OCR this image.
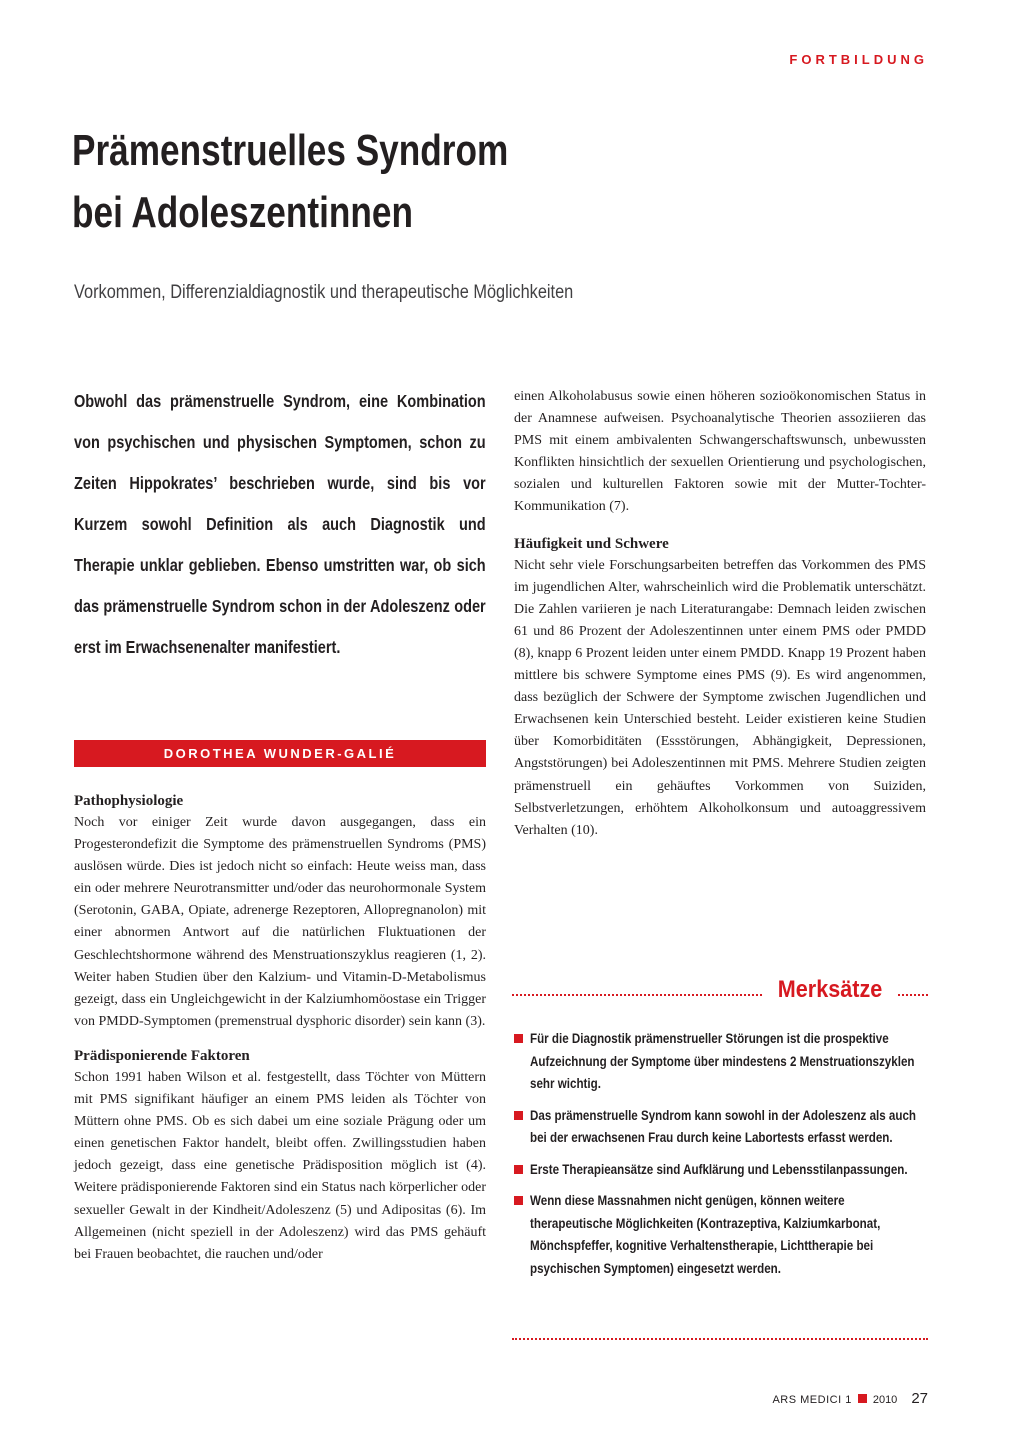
FORTBILDUNG
Prämenstruelles Syndrom
bei Adoleszentinnen

Vorkommen, Differenzialdiagnostik und therapeutische Möglichkeiten

Obwohl das prämenstruelle Syndrom, eine Kombination von psychischen und physischen Symptomen, schon zu Zeiten Hippokrates’ beschrieben wurde, sind bis vor Kurzem sowohl Definition als auch Diagnostik und Therapie unklar geblieben. Ebenso umstritten war, ob sich das prämenstruelle Syndrom schon in der Adoleszenz oder erst im Erwachsenenalter manifestiert.

DOROTHEA WUNDER-GALIÉ
Pathophysiologie

Noch vor einiger Zeit wurde davon ausgegangen, dass ein Progesterondefizit die Symptome des prämenstruellen Syndroms (PMS) auslösen würde. Dies ist jedoch nicht so einfach: Heute weiss man, dass ein oder mehrere Neurotransmitter und/oder das neurohormonale System (Serotonin, GABA, Opiate, adrenerge Rezeptoren, Allopregnanolon) mit einer abnormen Antwort auf die natürlichen Fluktuationen der Geschlechtshormone während des Menstruationszyklus reagieren (1, 2). Weiter haben Studien über den Kalzium- und Vitamin-D-Metabolismus gezeigt, dass ein Ungleichgewicht in der Kalziumhomöostase ein Trigger von PMDD-Symptomen (premenstrual dysphoric disorder) sein kann (3).

Prädisponierende Faktoren

Schon 1991 haben Wilson et al. festgestellt, dass Töchter von Müttern mit PMS signifikant häufiger an einem PMS leiden als Töchter von Müttern ohne PMS. Ob es sich dabei um eine soziale Prägung oder um einen genetischen Faktor handelt, bleibt offen. Zwillingsstudien haben jedoch gezeigt, dass eine genetische Prädisposition möglich ist (4). Weitere prädisponierende Faktoren sind ein Status nach körperlicher oder sexueller Gewalt in der Kindheit/Adoleszenz (5) und Adipositas (6). Im Allgemeinen (nicht speziell in der Adoleszenz) wird das PMS gehäuft bei Frauen beobachtet, die rauchen und/oder

einen Alkoholabusus sowie einen höheren sozioökonomischen Status in der Anamnese aufweisen. Psychoanalytische Theorien assoziieren das PMS mit einem ambivalenten Schwangerschaftswunsch, unbewussten Konflikten hinsichtlich der sexuellen Orientierung und psychologischen, sozialen und kulturellen Faktoren sowie mit der Mutter-Tochter-Kommunikation (7).

Häufigkeit und Schwere

Nicht sehr viele Forschungsarbeiten betreffen das Vorkommen des PMS im jugendlichen Alter, wahrscheinlich wird die Problematik unterschätzt. Die Zahlen variieren je nach Literaturangabe: Demnach leiden zwischen 61 und 86 Prozent der Adoleszentinnen unter einem PMS oder PMDD (8), knapp 6 Prozent leiden unter einem PMDD. Knapp 19 Prozent haben mittlere bis schwere Symptome eines PMS (9). Es wird angenommen, dass bezüglich der Schwere der Symptome zwischen Jugendlichen und Erwachsenen kein Unterschied besteht. Leider existieren keine Studien über Komorbiditäten (Essstörungen, Abhängigkeit, Depressionen, Angststörungen) bei Adoleszentinnen mit PMS. Mehrere Studien zeigten prämenstruell ein gehäuftes Vorkommen von Suiziden, Selbstverletzungen, erhöhtem Alkoholkonsum und autoaggressivem Verhalten (10).

Merksätze
Für die Diagnostik prämenstrueller Störungen ist die prospektive Aufzeichnung der Symptome über mindestens 2 Menstruationszyklen sehr wichtig.
Das prämenstruelle Syndrom kann sowohl in der Adoleszenz als auch bei der erwachsenen Frau durch keine Labortests erfasst werden.
Erste Therapieansätze sind Aufklärung und Lebensstilanpassungen.
Wenn diese Massnahmen nicht genügen, können weitere therapeutische Möglichkeiten (Kontrazeptiva, Kalziumkarbonat, Mönchspfeffer, kognitive Verhaltenstherapie, Lichttherapie bei psychischen Symptomen) eingesetzt werden.
ARS MEDICI 1 2010 27
